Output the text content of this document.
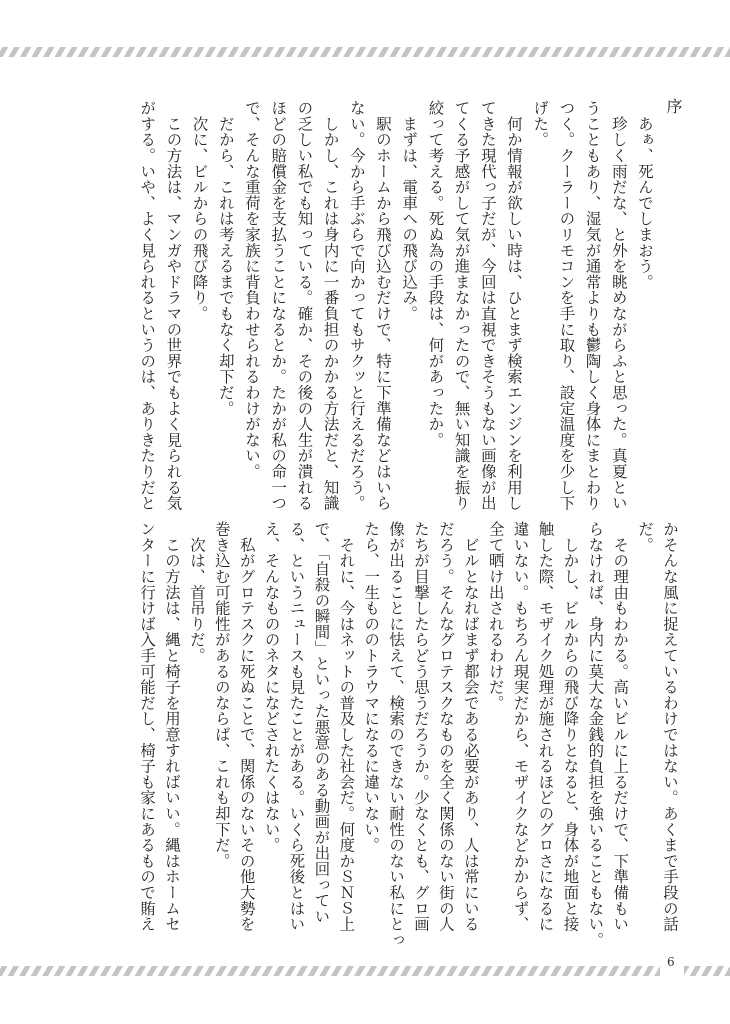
序
6
　あぁ、死んでしまおう。
　珍しく雨だな、と外を眺めながらふと思った。真夏とい
うこともあり、湿気が通常よりも鬱陶しく身体にまとわり
つく。クーラーのリモコンを手に取り、設定温度を少し下
げた。
　何か情報が欲しい時は、ひとまず検索エンジンを利用し
てきた現代っ子だが、今回は直視できそうもない画像が出
てくる予感がして気が進まなかったので、無い知識を振り
絞って考える。死ぬ為の手段は、何があったか。
　まずは、電車への飛び込み。
　駅のホームから飛び込むだけで、特に下準備などはいら
ない。今から手ぶらで向かってもサクッと行えるだろう。
　しかし、これは身内に一番負担のかかる方法だと、知識
の乏しい私でも知っている。確か、その後の人生が潰れる
ほどの賠償金を支払うことになるとか。たかが私の命一つ
で、そんな重荷を家族に背負わせられるわけがない。
　だから、これは考えるまでもなく却下だ。
　次に、ビルからの飛び降り。
　この方法は、マンガやドラマの世界でもよく見られる気
がする。いや、よく見られるというのは、ありきたりだと
かそんな風に捉えているわけではない。あくまで手段の話
だ。
　その理由もわかる。高いビルに上るだけで、下準備もい
らなければ、身内に莫大な金銭的負担を強いることもない。
　しかし、ビルからの飛び降りとなると、身体が地面と接
触した際、モザイク処理が施されるほどのグロさになるに
違いない。もちろん現実だから、モザイクなどかからず、
全て晒け出されるわけだ。
　ビルとなればまず都会である必要があり、人は常にいる
だろう。そんなグロテスクなものを全く関係のない街の人
たちが目撃したらどう思うだろうか。少なくとも、グロ画
像が出ることに怯えて、検索のできない耐性のない私にとっ
たら、一生もののトラウマになるに違いない。
　それに、今はネットの普及した社会だ。何度かＳＮＳ上
で、「自殺の瞬間」といった悪意のある動画が出回ってい
る、というニュースも見たことがある。いくら死後とはい
え、そんなもののネタになどされたくはない。
　私がグロテスクに死ぬことで、関係のないその他大勢を
巻き込む可能性があるのならば、これも却下だ。
　次は、首吊りだ。
　この方法は、縄と椅子を用意すればいい。縄はホームセ
ンターに行けば入手可能だし、椅子も家にあるもので賄え
